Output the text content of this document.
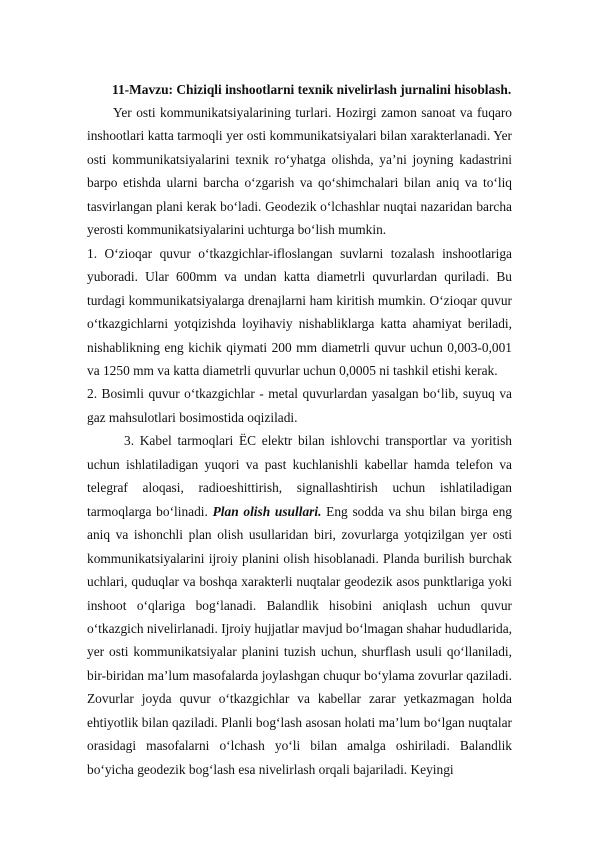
11-Mavzu: Chiziqli inshootlarni texnik nivelirlash jurnalini hisoblash.

Yer osti kommunikatsiyalarining turlari. Hozirgi zamon sanoat va fuqaro inshootlari katta tarmoqli yer osti kommunikatsiyalari bilan xarakterlanadi. Yer osti kommunikatsiyalarini texnik ro‘yhatga olishda, ya’ni joyning kadastrini barpo etishda ularni barcha o‘zgarish va qo‘shimchalari bilan aniq va to‘liq tasvirlangan plani kerak bo‘ladi. Geodezik o‘lchashlar nuqtai nazaridan barcha yerosti kommunikatsiyalarini uchturga bo‘lish mumkin.

1. O‘zioqar quvur o‘tkazgichlar-ifloslangan suvlarni tozalash inshootlariga yuboradi. Ular 600mm va undan katta diametrli quvurlardan quriladi. Bu turdagi kommunikatsiyalarga drenajlarni ham kiritish mumkin. O‘zioqar quvur o‘tkazgichlarni yotqizishda loyihaviy nishabliklarga katta ahamiyat beriladi, nishablikning eng kichik qiymati 200 mm diametrli quvur uchun 0,003-0,001 va 1250 mm va katta diametrli quvurlar uchun 0,0005 ni tashkil etishi kerak.

2. Bosimli quvur o‘tkazgichlar - metal quvurlardan yasalgan bo‘lib, suyuq va gaz mahsulotlari bosimostida oqiziladi.

3. Kabel tarmoqlari ЁC elektr bilan ishlovchi transportlar va yoritish uchun ishlatiladigan yuqori va past kuchlanishli kabellar hamda telefon va telegraf aloqasi, radioeshittirish, signallashtirish uchun ishlatiladigan tarmoqlarga bo‘linadi. Plan olish usullari. Eng sodda va shu bilan birga eng aniq va ishonchli plan olish usullaridan biri, zovurlarga yotqizilgan yer osti kommunikatsiyalarini ijroiy planini olish hisoblanadi. Planda burilish burchak uchlari, quduqlar va boshqa xarakterli nuqtalar geodezik asos punktlariga yoki inshoot o‘qlariga bog‘lanadi. Balandlik hisobini aniqlash uchun quvur o‘tkazgich nivelirlanadi. Ijroiy hujjatlar mavjud bo‘lmagan shahar hududlarida, yer osti kommunikatsiyalar planini tuzish uchun, shurflash usuli qo‘llaniladi, bir-biridan ma’lum masofalarda joylashgan chuqur bo‘ylama zovurlar qaziladi. Zovurlar joyda quvur o‘tkazgichlar va kabellar zarar yetkazmagan holda ehtiyotlik bilan qaziladi. Planli bog‘lash asosan holati ma’lum bo‘lgan nuqtalar orasidagi masofalarni o‘lchash yo‘li bilan amalga oshiriladi. Balandlik bo‘yicha geodezik bog‘lash esa nivelirlash orqali bajariladi. Keyingi
